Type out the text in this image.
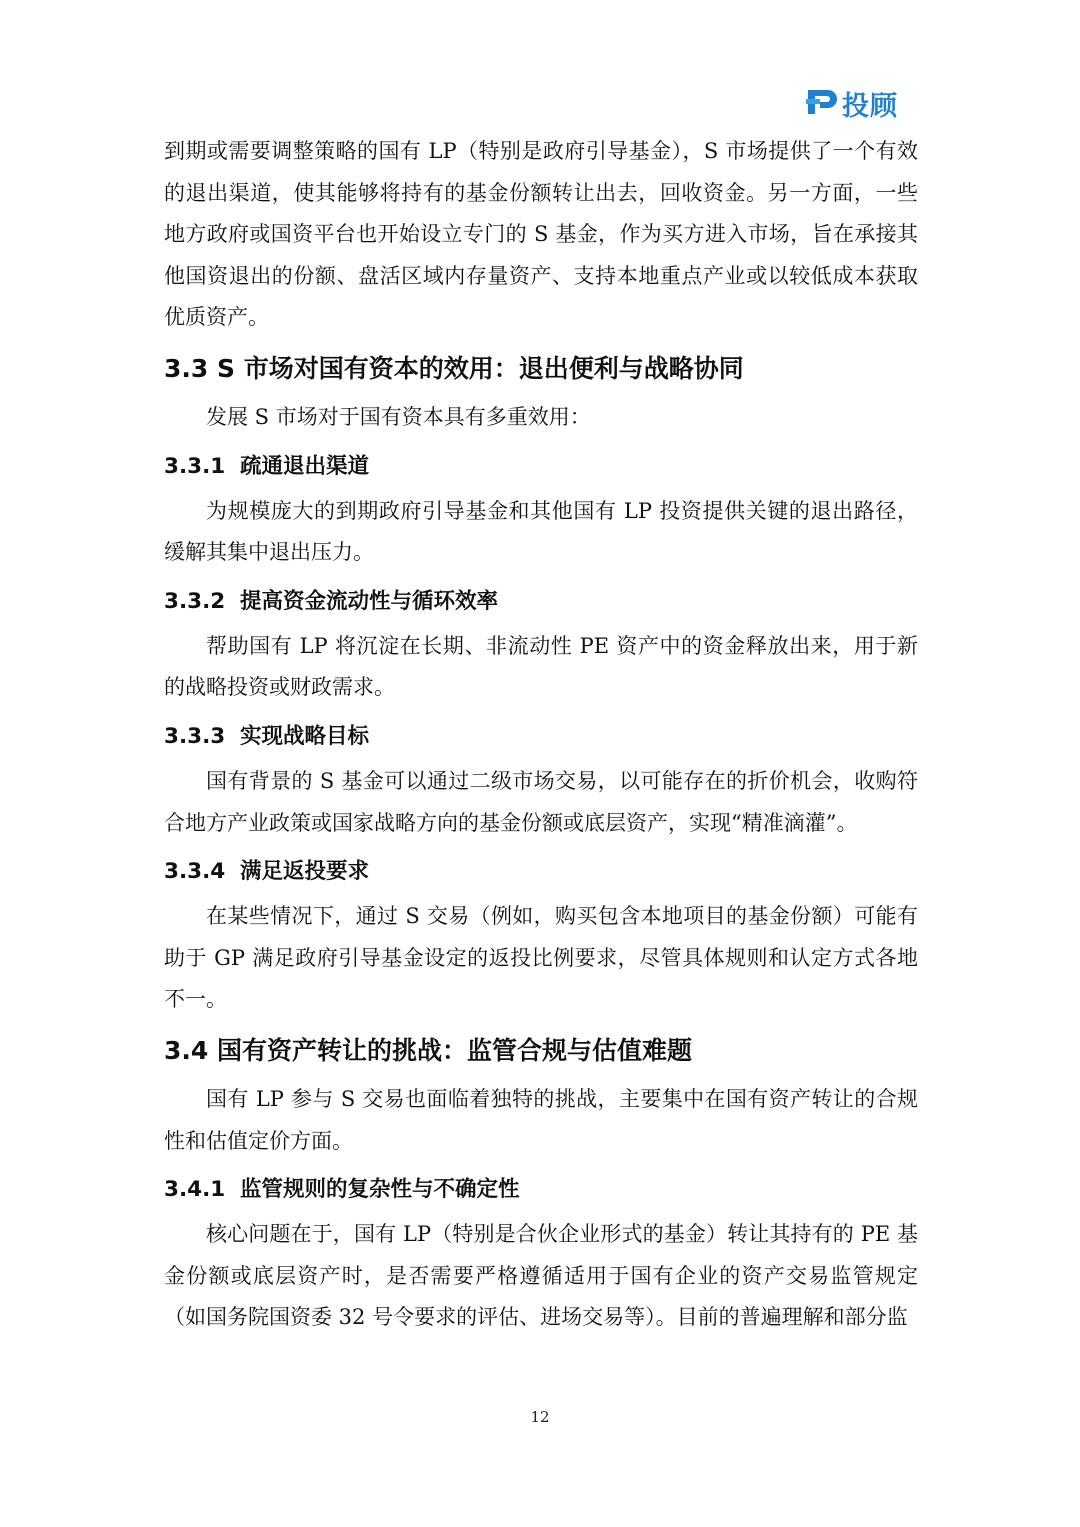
投顾

到期或需要调整策略的国有 LP（特别是政府引导基金），S 市场提供了一个有效的退出渠道，使其能够将持有的基金份额转让出去，回收资金。另一方面，一些地方政府或国资平台也开始设立专门的 S 基金，作为买方进入市场，旨在承接其他国资退出的份额、盘活区域内存量资产、支持本地重点产业或以较低成本获取优质资产。

3.3 S 市场对国有资本的效用：退出便利与战略协同

发展 S 市场对于国有资本具有多重效用：

3.3.1 疏通退出渠道

为规模庞大的到期政府引导基金和其他国有 LP 投资提供关键的退出路径，缓解其集中退出压力。

3.3.2 提高资金流动性与循环效率

帮助国有 LP 将沉淀在长期、非流动性 PE 资产中的资金释放出来，用于新的战略投资或财政需求。

3.3.3 实现战略目标

国有背景的 S 基金可以通过二级市场交易，以可能存在的折价机会，收购符合地方产业政策或国家战略方向的基金份额或底层资产，实现“精准滴灌”。

3.3.4 满足返投要求

在某些情况下，通过 S 交易（例如，购买包含本地项目的基金份额）可能有助于 GP 满足政府引导基金设定的返投比例要求，尽管具体规则和认定方式各地不一。

3.4 国有资产转让的挑战：监管合规与估值难题

国有 LP 参与 S 交易也面临着独特的挑战，主要集中在国有资产转让的合规性和估值定价方面。

3.4.1 监管规则的复杂性与不确定性

核心问题在于，国有 LP（特别是合伙企业形式的基金）转让其持有的 PE 基金份额或底层资产时，是否需要严格遵循适用于国有企业的资产交易监管规定（如国务院国资委 32 号令要求的评估、进场交易等）。目前的普遍理解和部分监

12
